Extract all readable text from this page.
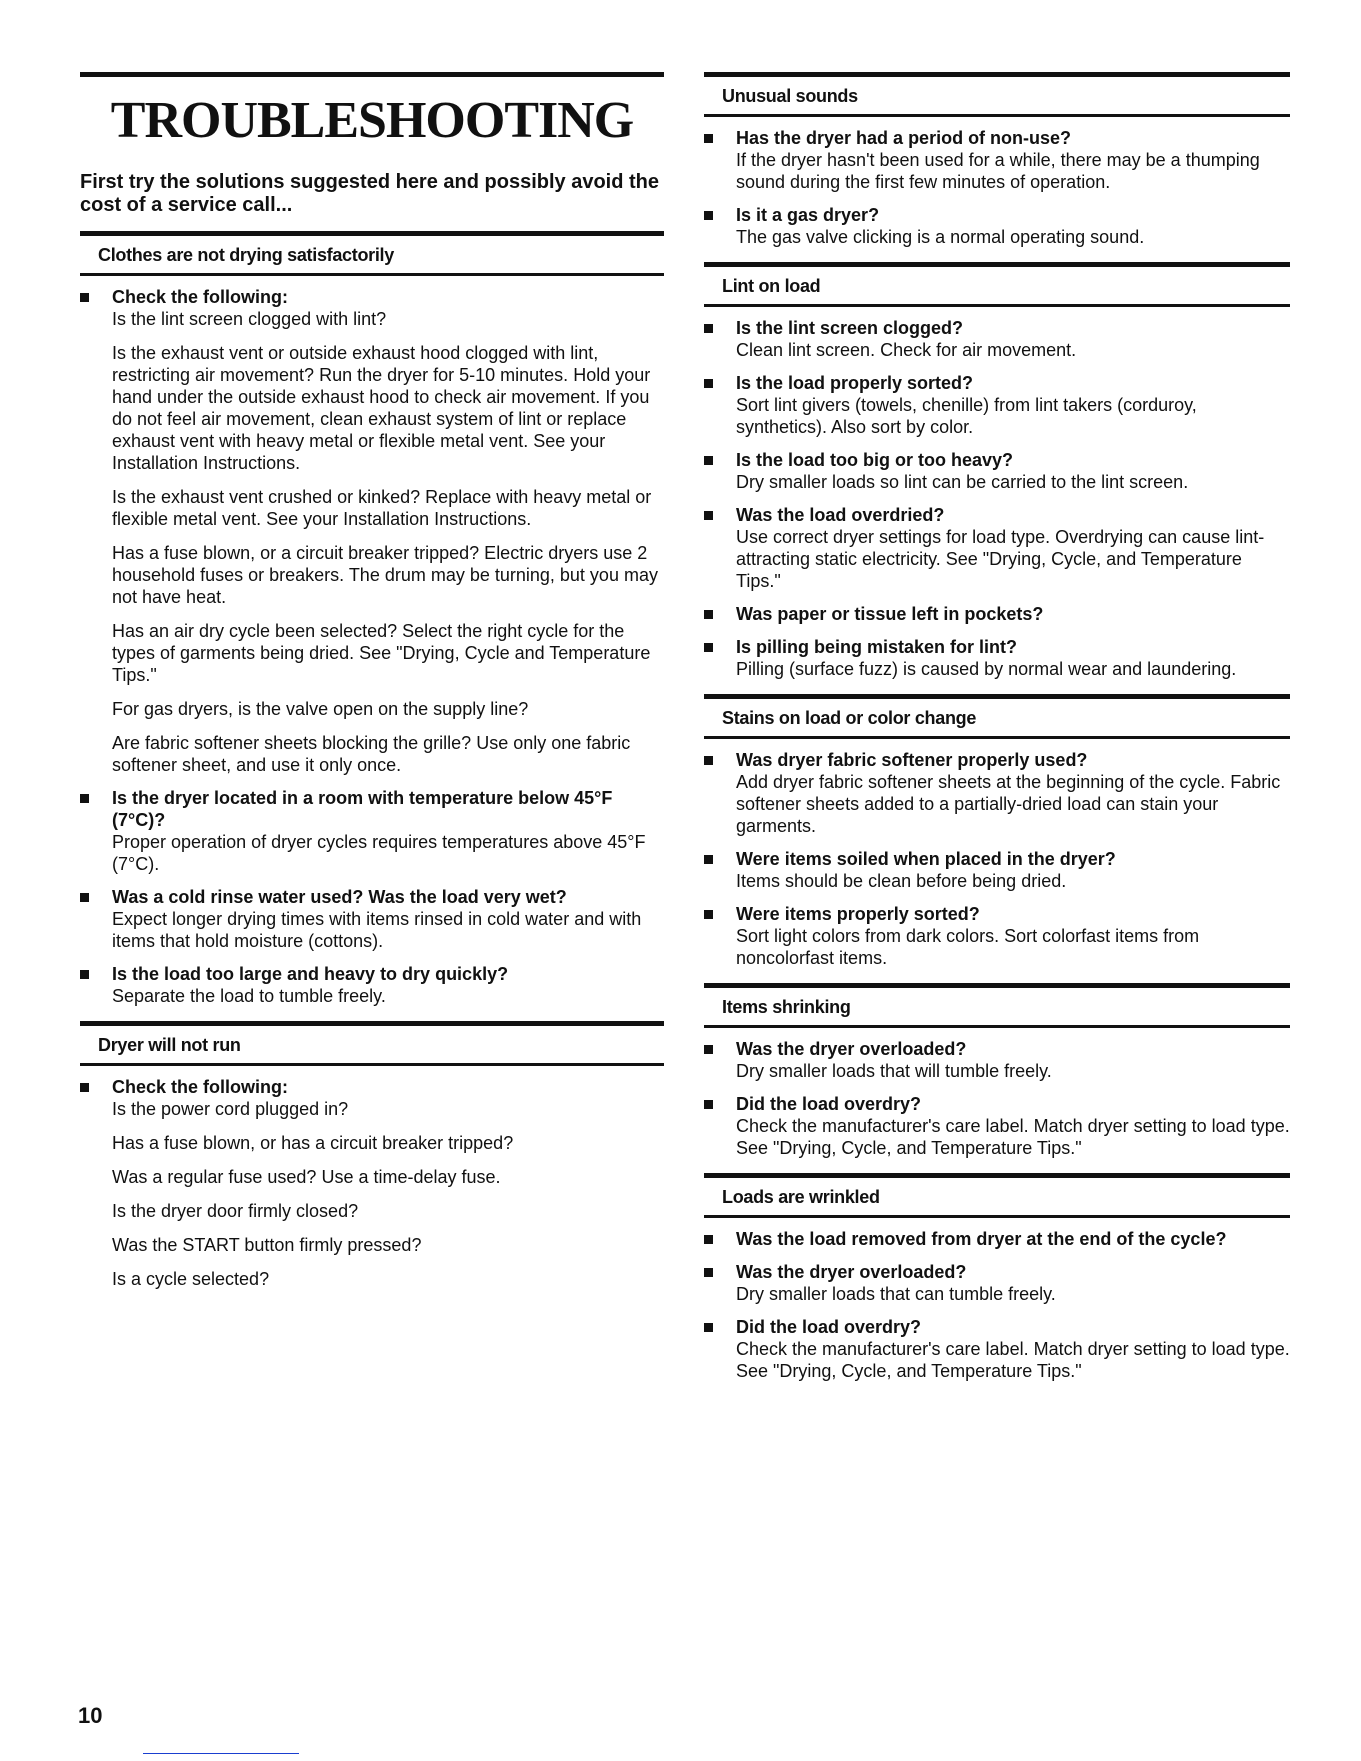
TROUBLESHOOTING
First try the solutions suggested here and possibly avoid the cost of a service call...
Clothes are not drying satisfactorily
Check the following:
Is the lint screen clogged with lint?
Is the exhaust vent or outside exhaust hood clogged with lint, restricting air movement? Run the dryer for 5-10 minutes. Hold your hand under the outside exhaust hood to check air movement. If you do not feel air movement, clean exhaust system of lint or replace exhaust vent with heavy metal or flexible metal vent. See your Installation Instructions.
Is the exhaust vent crushed or kinked? Replace with heavy metal or flexible metal vent. See your Installation Instructions.
Has a fuse blown, or a circuit breaker tripped? Electric dryers use 2 household fuses or breakers. The drum may be turning, but you may not have heat.
Has an air dry cycle been selected? Select the right cycle for the types of garments being dried. See "Drying, Cycle and Temperature Tips."
For gas dryers, is the valve open on the supply line?
Are fabric softener sheets blocking the grille? Use only one fabric softener sheet, and use it only once.
Is the dryer located in a room with temperature below 45°F (7°C)?
Proper operation of dryer cycles requires temperatures above 45°F (7°C).
Was a cold rinse water used? Was the load very wet?
Expect longer drying times with items rinsed in cold water and with items that hold moisture (cottons).
Is the load too large and heavy to dry quickly?
Separate the load to tumble freely.
Dryer will not run
Check the following:
Is the power cord plugged in?
Has a fuse blown, or has a circuit breaker tripped?
Was a regular fuse used? Use a time-delay fuse.
Is the dryer door firmly closed?
Was the START button firmly pressed?
Is a cycle selected?
Unusual sounds
Has the dryer had a period of non-use?
If the dryer hasn't been used for a while, there may be a thumping sound during the first few minutes of operation.
Is it a gas dryer?
The gas valve clicking is a normal operating sound.
Lint on load
Is the lint screen clogged?
Clean lint screen. Check for air movement.
Is the load properly sorted?
Sort lint givers (towels, chenille) from lint takers (corduroy, synthetics). Also sort by color.
Is the load too big or too heavy?
Dry smaller loads so lint can be carried to the lint screen.
Was the load overdried?
Use correct dryer settings for load type. Overdrying can cause lint-attracting static electricity. See "Drying, Cycle, and Temperature Tips."
Was paper or tissue left in pockets?
Is pilling being mistaken for lint?
Pilling (surface fuzz) is caused by normal wear and laundering.
Stains on load or color change
Was dryer fabric softener properly used?
Add dryer fabric softener sheets at the beginning of the cycle. Fabric softener sheets added to a partially-dried load can stain your garments.
Were items soiled when placed in the dryer?
Items should be clean before being dried.
Were items properly sorted?
Sort light colors from dark colors. Sort colorfast items from noncolorfast items.
Items shrinking
Was the dryer overloaded?
Dry smaller loads that will tumble freely.
Did the load overdry?
Check the manufacturer's care label. Match dryer setting to load type. See "Drying, Cycle, and Temperature Tips."
Loads are wrinkled
Was the load removed from dryer at the end of the cycle?
Was the dryer overloaded?
Dry smaller loads that can tumble freely.
Did the load overdry?
Check the manufacturer's care label. Match dryer setting to load type. See "Drying, Cycle, and Temperature Tips."
10
